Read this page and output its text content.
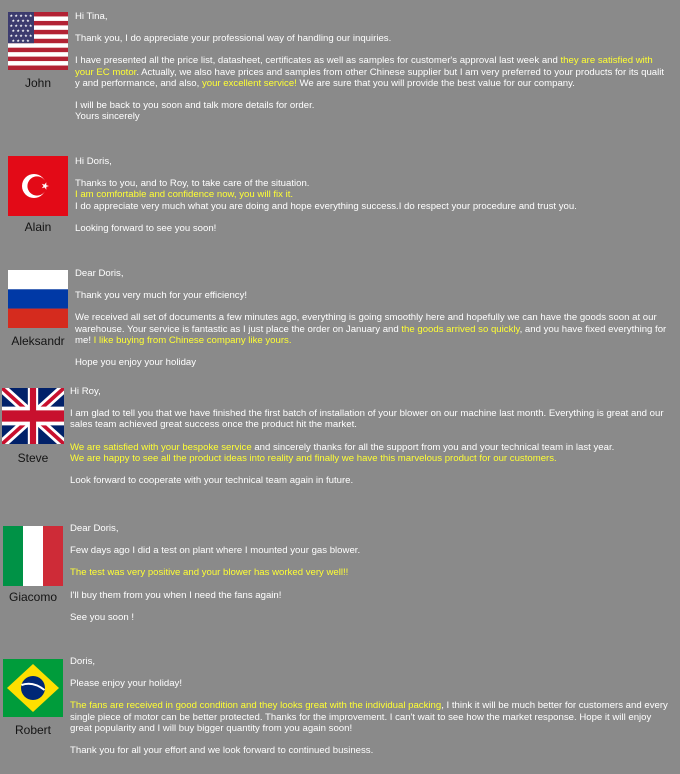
★ ★ ★ ★ ★
★ ★ ★ ★
★ ★ ★ ★ ★
★ ★ ★ ★
★ ★ ★ ★ ★
★ ★ ★ ★
John

Hi Tina,

Thank you, I do appreciate your professional way of handling our inquiries.

I have presented all the price list, datasheet, certificates as well as samples for customer's approval last week and they are satisfied with your EC motor. Actually, we also have prices and samples from other Chinese supplier but I am very preferred to your products for its qualit y and performance, and also, your excellent service! We are sure that you will provide the best value for our company.

I will be back to you soon and talk more details for order.
Yours sincerely

Alain

Hi Doris,

Thanks to you, and to Roy, to take care of the situation.
I am comfortable and confidence now, you will fix it.
I do appreciate very much what you are doing and hope everything success.I do respect your procedure and trust you.

Looking forward to see you soon!

Aleksandr

Dear Doris,

Thank you very much for your efficiency!

We received all set of documents a few minutes ago, everything is going smoothly here and hopefully we can have the goods soon at our warehouse. Your service is fantastic as I just place the order on January and the goods arrived so quickly, and you have fixed everything for me! I like buying from Chinese company like yours.

Hope you enjoy your holiday

Steve

Hi Roy,

I am glad to tell you that we have finished the first batch of installation of your blower on our machine last month. Everything is great and our sales team achieved great success once the product hit the market.

We are satisfied with your bespoke service and sincerely thanks for all the support from you and your technical team in last year.
We are happy to see all the product ideas into reality and finally we have this marvelous product for our customers.

Look forward to cooperate with your technical team again in future.

Giacomo

Dear Doris,

Few days ago I did a test on plant where I mounted your gas blower.

The test was very positive and your blower has worked very well!!

I'll buy them from you when I need the fans again!

See you soon !

Robert

Doris,

Please enjoy your holiday!

The fans are received in good condition and they looks great with the individual packing, I think it will be much better for customers and every single piece of motor can be better protected. Thanks for the improvement. I can't wait to see how the market response. Hope it will enjoy great popularity and I will buy bigger quantity from you again soon!

Thank you for all your effort and we look forward to continued business.
